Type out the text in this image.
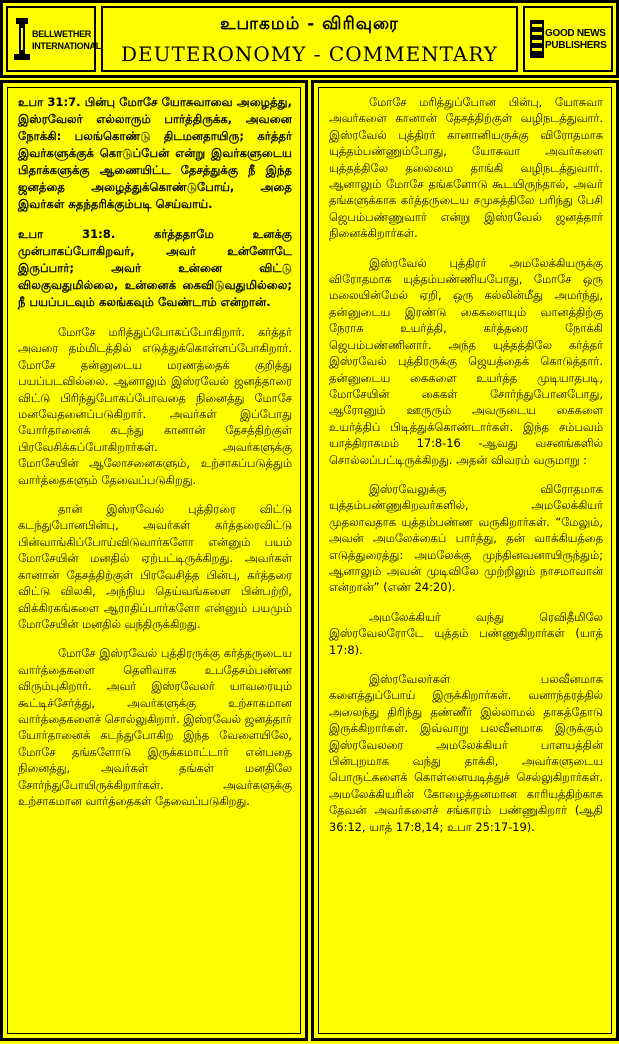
BELLWETHER
INTERNATIONAL
உபாகமம் - விரிவுரை
DEUTERONOMY - COMMENTARY
GOOD NEWS
PUBLISHERS

உபா 31:7. பின்பு மோசே யோசுவாவை அழைத்து, இஸ்ரவேலர் எல்லாரும் பார்த்திருக்க, அவனை நோக்கி: பலங்கொண்டு திடமனதாயிரு; கர்த்தர் இவர்களுக்குக் கொடுப்பேன் என்று இவர்களுடைய பிதாக்களுக்கு ஆணையிட்ட தேசத்துக்கு நீ இந்த ஜனத்தை அழைத்துக்கொண்டுபோய், அதை இவர்கள் சுதந்தரிக்கும்படி செய்வாய்.

உபா 31:8. கர்த்ததாமே உனக்கு முன்பாகப்போகிறவர், அவர் உன்னோடே இருப்பார்; அவர் உன்னை விட்டு விலகுவதுமில்லை, உன்னைக் கைவிடுவதுமில்லை; நீ பயப்படவும் கலங்கவும் வேண்டாம் என்றான்.

மோசே மரித்துப்போகப்போகிறார். கர்த்தர் அவரை தம்மிடத்தில் எடுத்துக்கொள்ளப்போகிறார். மோசே தன்னுடைய மரணத்தைக் குறித்து பயப்படவில்லை. ஆனாலும் இஸ்ரவேல் ஜனத்தாரை விட்டு பிரிந்துபோகப்போவதை நினைத்து மோசே மனவேதனைப்படுகிறார். அவர்கள் இப்போது யோர்தானைக் கடந்து கானான் தேசத்திற்குள் பிரவேசிக்கப்போகிறார்கள். அவர்களுக்கு மோசேயின் ஆலோசனைகளும், உற்சாகப்படுத்தும் வார்த்தைகளும் தேவைப்படுகிறது.

தான் இஸ்ரவேல் புத்திரரை விட்டு கடந்துபோனபின்பு, அவர்கள் கர்த்தரைவிட்டு பின்வாங்கிப்போய்விடுவார்களோ என்னும் பயம் மோசேயின் மனதில் ஏற்பட்டிருக்கிறது. அவர்கள் கானான் தேசத்திற்குள் பிரவேசித்த பின்பு, கர்த்தரை விட்டு விலகி, அந்நிய தெய்வங்களை பின்பற்றி, விக்கிரகங்களை ஆராதிப்பார்களோ என்னும் பயமும் மோசேயின் மனதில் வந்திருக்கிறது.

மோசே இஸ்ரவேல் புத்திரருக்கு கர்த்தருடைய வார்த்தைகளை தெளிவாக உபதேசம்பண்ண விரும்புகிறார். அவர் இஸ்ரவேலர் யாவரையும் கூட்டிச்சேர்த்து, அவர்களுக்கு உற்சாகமான வார்த்தைகளைச் சொல்லுகிறார். இஸ்ரவேல் ஜனத்தார் யோர்தானைக் கடந்துபோகிற இந்த வேளையிலே, மோசே தங்களோடு இருக்கமாட்டார் என்பதை நினைத்து, அவர்கள் தங்கள் மனதிலே சோர்ந்துபோயிருக்கிறார்கள். அவர்களுக்கு உற்சாகமான வார்த்தைகள் தேவைப்படுகிறது.

மோசே மரித்துப்போன பின்பு, யோசுவா அவர்களை கானான் தேசத்திற்குள் வழிநடத்துவார். இஸ்ரவேல் புத்திரர் கானானியருக்கு விரோதமாக யுத்தம்பண்ணும்போது, யோசுவா அவர்களை யுத்தத்திலே தலைமை தாங்கி வழிநடத்துவார். ஆனாலும் மோசே தங்களோடு கூடயிருந்தால், அவர் தங்களுக்காக கர்த்தருடைய சமுகத்திலே பரிந்து பேசி ஜெபம்பண்ணுவார் என்று இஸ்ரவேல் ஜனத்தார் நினைக்கிறார்கள்.

இஸ்ரவேல் புத்திரர் அமலேக்கியருக்கு விரோதமாக யுத்தம்பண்ணியபோது, மோசே ஒரு மலையின்மேல் ஏறி, ஒரு கல்லின்மீது அமர்ந்து, தன்னுடைய இரண்டு கைகளையும் வானத்திற்கு நேராக உயர்த்தி, கர்த்தரை நோக்கி ஜெபம்பண்ணினார். அந்த யுத்தத்திலே கர்த்தர் இஸ்ரவேல் புத்திரருக்கு ஜெயத்தைக் கொடுத்தார். தன்னுடைய கைகளை உயர்த்த முடியாதபடி, மோசேயின் கைகள் சோர்ந்துபோனபோது, ஆரோனும் ஊருரும் அவருடைய கைகளை உயர்த்திப் பிடித்துக்கொண்டார்கள். இந்த சம்பவம் யாத்திராகமம் 17:8-16 -ஆவது வசனங்களில் சொல்லப்பட்டிருக்கிறது. அதன் விவரம் வருமாறு :

இஸ்ரவேலுக்கு விரோதமாக யுத்தம்பண்ணுகிறவர்களில், அமலேக்கியர் முதலாவதாக யுத்தம்பண்ண வருகிறார்கள். “மேலும், அவன் அமலேக்கைப் பார்த்து, தன் வாக்கியத்தை எடுத்துரைத்து: அமலேக்கு முந்தினவனாயிருந்தும்; ஆனாலும் அவன் முடிவிலே முற்றிலும் நாசமாவான் என்றான்” (எண் 24:20).

அமலேக்கியர் வந்து ரெவிதீமிலே இஸ்ரவேலரோடே யுத்தம் பண்ணுகிறார்கள் (யாத் 17:8).

இஸ்ரவேலர்கள் பலவீனமாக களைத்துப்போய் இருக்கிறார்கள். வனாந்தரத்தில் அலைந்து திரிந்து தண்ணீர் இல்லாமல் தாகத்தோடு இருக்கிறார்கள். இவ்வாறு பலவீனமாக இருக்கும் இஸ்ரவேலரை அமலேக்கியர் பாளயத்தின் பின்புறமாக வந்து தாக்கி, அவர்களுடைய பொருட்களைக் கொள்ளையடித்துச் செல்லுகிறார்கள். அமலேக்கியரின் கோழைத்தனமான காரியத்திற்காக தேவன் அவர்களைச் சங்காரம் பண்ணுகிறார் (ஆதி 36:12, யாத் 17:8,14; உபா 25:17-19).
